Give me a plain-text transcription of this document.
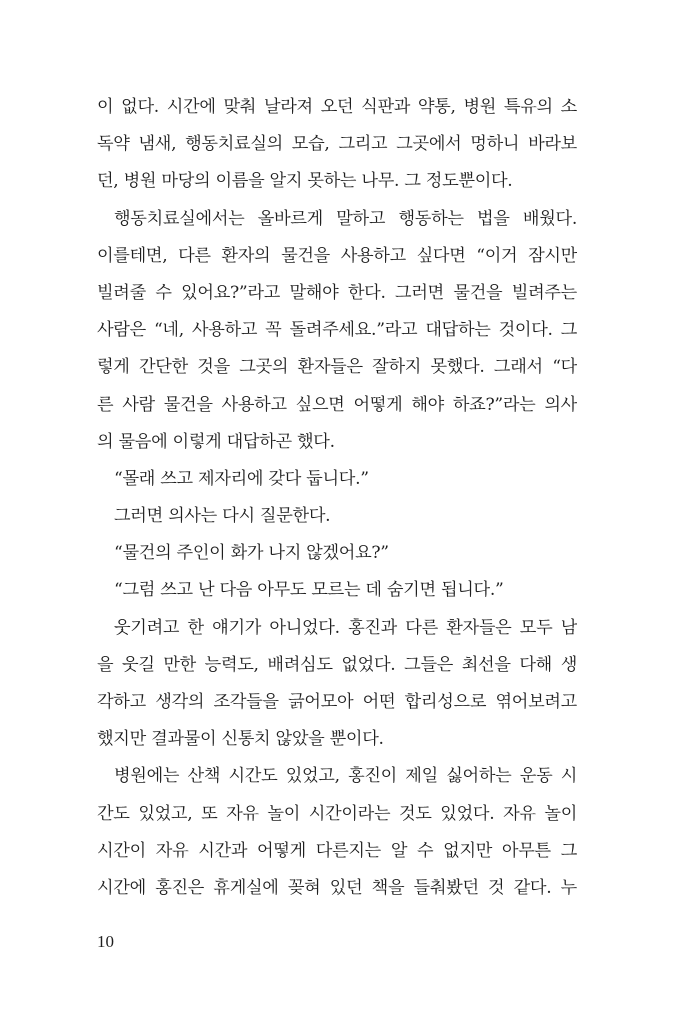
이 없다. 시간에 맞춰 날라져 오던 식판과 약통, 병원 특유의 소
독약 냄새, 행동치료실의 모습, 그리고 그곳에서 멍하니 바라보
던, 병원 마당의 이름을 알지 못하는 나무. 그 정도뿐이다.
행동치료실에서는 올바르게 말하고 행동하는 법을 배웠다.
이를테면, 다른 환자의 물건을 사용하고 싶다면 “이거 잠시만
빌려줄 수 있어요?”라고 말해야 한다. 그러면 물건을 빌려주는
사람은 “네, 사용하고 꼭 돌려주세요.”라고 대답하는 것이다. 그
렇게 간단한 것을 그곳의 환자들은 잘하지 못했다. 그래서 “다
른 사람 물건을 사용하고 싶으면 어떻게 해야 하죠?”라는 의사
의 물음에 이렇게 대답하곤 했다.
“몰래 쓰고 제자리에 갖다 둡니다.”
그러면 의사는 다시 질문한다.
“물건의 주인이 화가 나지 않겠어요?”
“그럼 쓰고 난 다음 아무도 모르는 데 숨기면 됩니다.”
웃기려고 한 얘기가 아니었다. 홍진과 다른 환자들은 모두 남
을 웃길 만한 능력도, 배려심도 없었다. 그들은 최선을 다해 생
각하고 생각의 조각들을 긁어모아 어떤 합리성으로 엮어보려고
했지만 결과물이 신통치 않았을 뿐이다.
병원에는 산책 시간도 있었고, 홍진이 제일 싫어하는 운동 시
간도 있었고, 또 자유 놀이 시간이라는 것도 있었다. 자유 놀이
시간이 자유 시간과 어떻게 다른지는 알 수 없지만 아무튼 그
시간에 홍진은 휴게실에 꽂혀 있던 책을 들춰봤던 것 같다. 누
10
